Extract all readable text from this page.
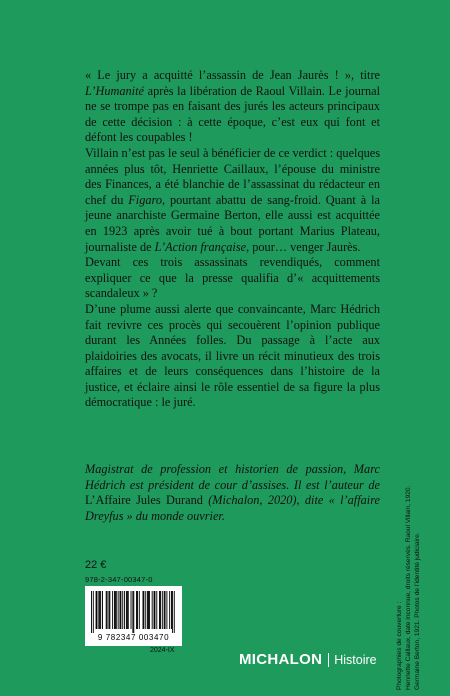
« Le jury a acquitté l’assassin de Jean Jaurès ! », titre L’Humanité après la libération de Raoul Villain. Le journal ne se trompe pas en faisant des jurés les acteurs principaux de cette décision : à cette époque, c’est eux qui font et défont les coupables !

Villain n’est pas le seul à bénéficier de ce verdict : quelques années plus tôt, Henriette Caillaux, l’épouse du ministre des Finances, a été blanchie de l’assassinat du rédacteur en chef du Figaro, pourtant abattu de sang-froid. Quant à la jeune anarchiste Germaine Berton, elle aussi est acquittée en 1923 après avoir tué à bout portant Marius Plateau, journaliste de L’Action française, pour… venger Jaurès.

Devant ces trois assassinats revendiqués, comment expliquer ce que la presse qualifia d’« acquittements scandaleux » ?

D’une plume aussi alerte que convaincante, Marc Hédrich fait revivre ces procès qui secouèrent l’opinion publique durant les Années folles. Du passage à l’acte aux plaidoiries des avocats, il livre un récit minutieux des trois affaires et de leurs conséquences dans l’histoire de la justice, et éclaire ainsi le rôle essentiel de sa figure la plus démocratique : le juré.

Magistrat de profession et historien de passion, Marc Hédrich est président de cour d’assises. Il est l’auteur de L’Affaire Jules Durand (Michalon, 2020), dite « l’affaire Dreyfus » du monde ouvrier.

22 €
978-2-347-00347-0
9 782347 003470
2024-IX
MICHALON Histoire	Photographies de couverture : Henriette Caillaux, date inconnue, droits réservés. Raoul Villain, 1920. Germaine Berton, 1921. Photos de l’identité judiciaire.
